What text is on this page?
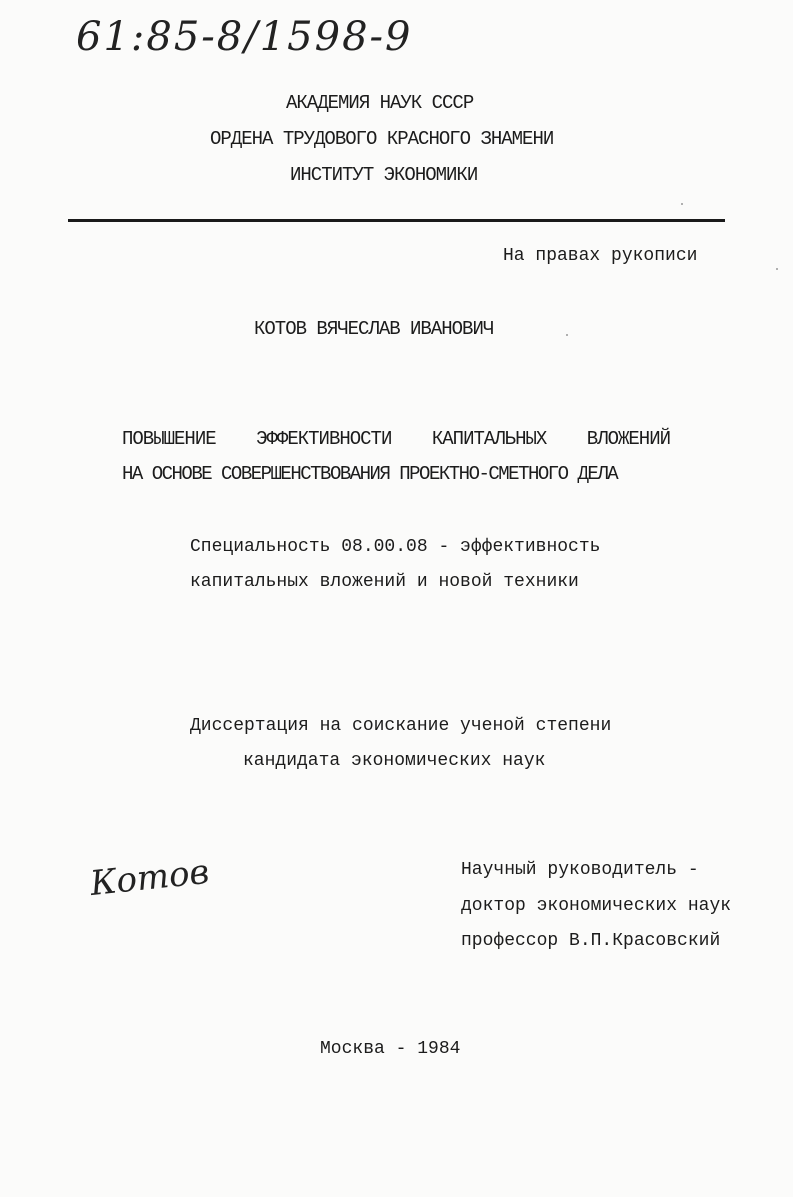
61:85-8/1598-9
АКАДЕМИЯ НАУК СССР
ОРДЕНА ТРУДОВОГО КРАСНОГО ЗНАМЕНИ
ИНСТИТУТ ЭКОНОМИКИ
На правах рукописи
КОТОВ ВЯЧЕСЛАВ ИВАНОВИЧ
ПОВЫШЕНИЕ ЭФФЕКТИВНОСТИ КАПИТАЛЬНЫХ ВЛОЖЕНИЙ
НА ОСНОВЕ СОВЕРШЕНСТВОВАНИЯ ПРОЕКТНО-СМЕТНОГО ДЕЛА
Специальность 08.00.08 - эффективность
капитальных вложений и новой техники
Диссертация на соискание ученой степени
кандидата экономических наук
Котов	Научный руководитель -
доктор экономических наук
профессор В.П.Красовский
Москва - 1984
